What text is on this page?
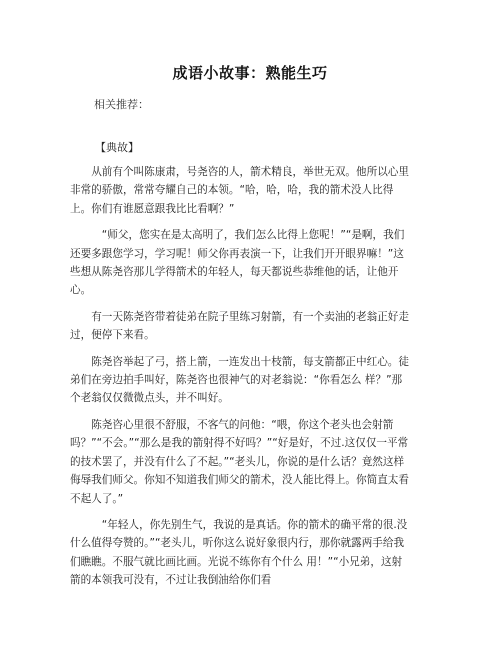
成语小故事：熟能生巧
相关推荐：
【典故】

从前有个叫陈康肃，号尧咨的人，箭术精良，举世无双。他所以心里非常的骄傲，常常夸耀自己的本领。“哈，哈，哈，我的箭术没人比得上。你们有谁愿意跟我比比看啊？”

“师父，您实在是太高明了，我们怎么比得上您呢！”“是啊，我们还要多跟您学习，学习呢！师父你再表演一下，让我们开开眼界嘛！”这些想从陈尧咨那儿学得箭术的年轻人，每天都说些恭维他的话，让他开心。

有一天陈尧咨带着徒弟在院子里练习射箭，有一个卖油的老翁正好走过，便停下来看。

陈尧咨举起了弓，搭上箭，一连发出十枝箭，每支箭都正中红心。徒弟们在旁边拍手叫好，陈尧咨也很神气的对老翁说：“你看怎么 样？”那个老翁仅仅微微点头，并不叫好。

陈尧咨心里很不舒服，不客气的问他：“喂，你这个老头也会射箭吗？”“不会。”“那么是我的箭射得不好吗？”“好是好，不过.这仅仅一平常的技术罢了，并没有什么了不起。”“老头儿，你说的是什么话？竟然这样侮辱我们师父。你知不知道我们师父的箭术，没人能比得上。你简直太看不起人了。”

“年轻人，你先别生气，我说的是真话。你的箭术的确平常的很.没什么值得夸赞的。”“老头儿，听你这么说好象很内行，那你就露两手给我们瞧瞧。不服气就比画比画。光说不练你有个什么 用！”“小兄弟，这射箭的本领我可没有，不过让我倒油给你们看
